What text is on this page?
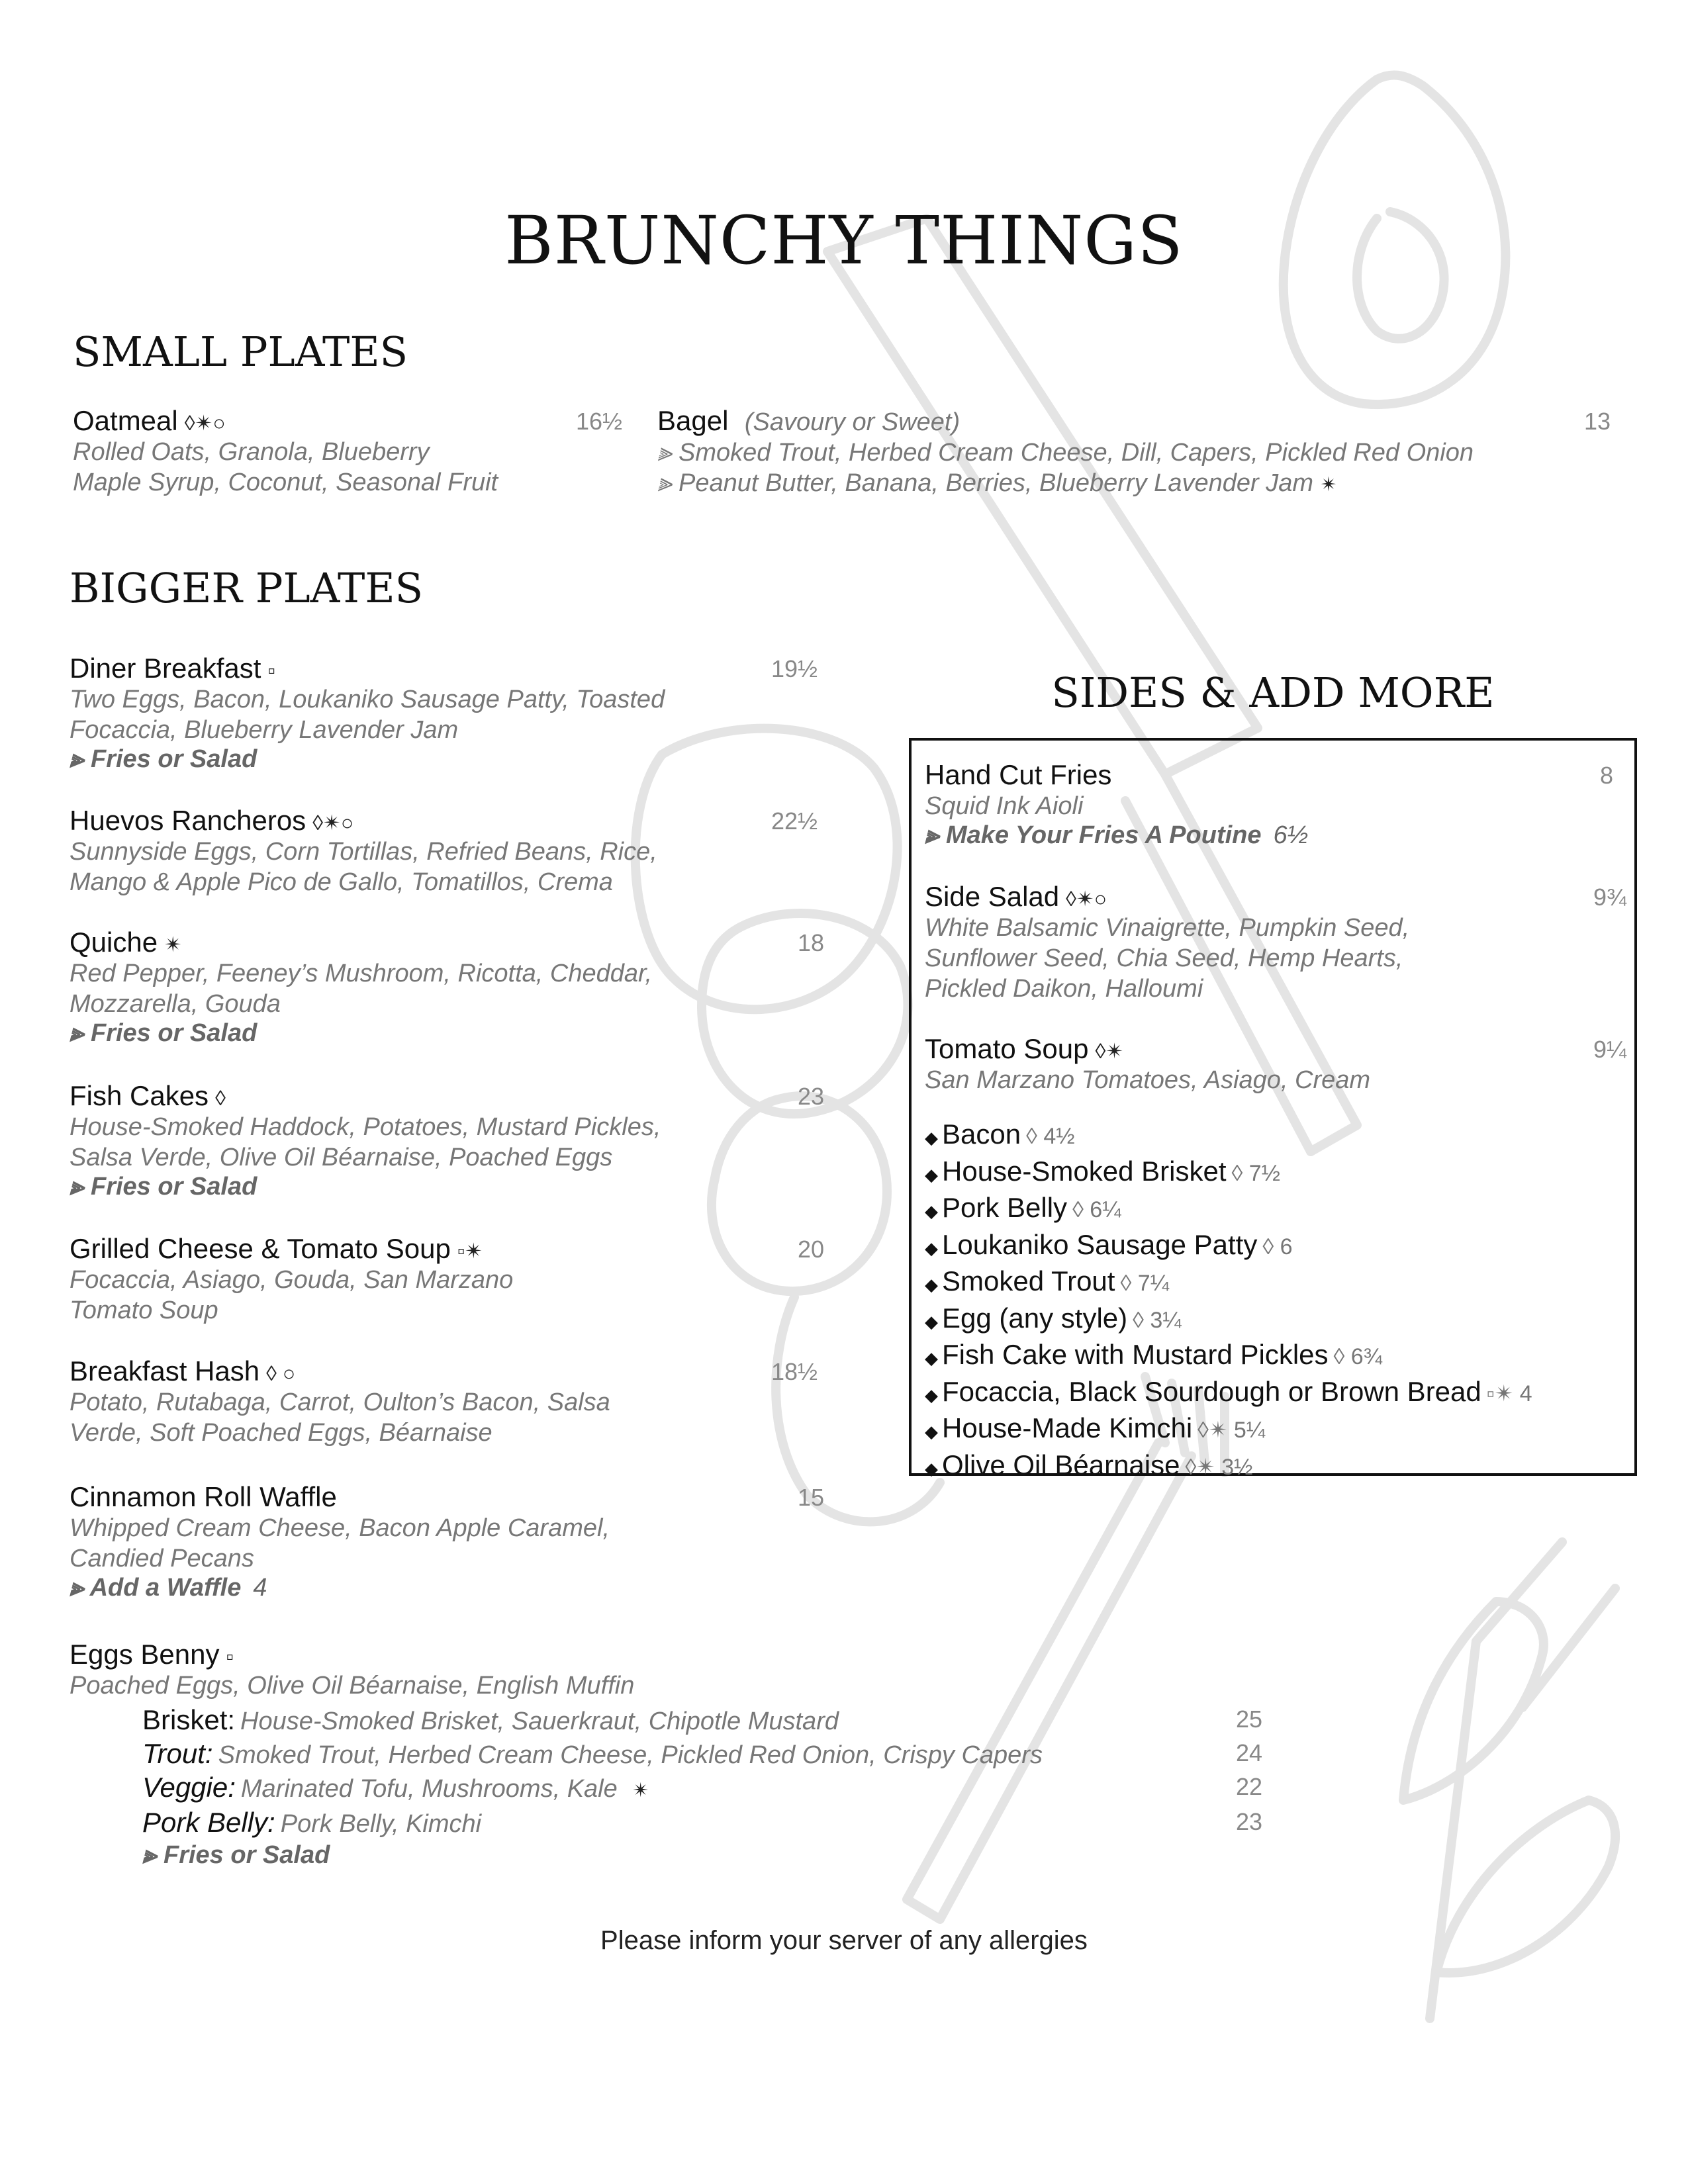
BRUNCHY THINGS
SMALL PLATES
Oatmeal ◊✴○	16½
Rolled Oats, Granola, Blueberry
Maple Syrup, Coconut, Seasonal Fruit
Bagel (Savoury or Sweet)	13
⫸ Smoked Trout, Herbed Cream Cheese, Dill, Capers, Pickled Red Onion
⫸ Peanut Butter, Banana, Berries, Blueberry Lavender Jam ✴
BIGGER PLATES
Diner Breakfast ▫	19½
Two Eggs, Bacon, Loukaniko Sausage Patty, Toasted
Focaccia, Blueberry Lavender Jam
⫸ Fries or Salad
Huevos Rancheros ◊✴○	22½
Sunnyside Eggs, Corn Tortillas, Refried Beans, Rice,
Mango & Apple Pico de Gallo, Tomatillos, Crema
Quiche ✴	18
Red Pepper, Feeney’s Mushroom, Ricotta, Cheddar,
Mozzarella, Gouda
⫸ Fries or Salad
Fish Cakes ◊	23
House-Smoked Haddock, Potatoes, Mustard Pickles,
Salsa Verde, Olive Oil Béarnaise, Poached Eggs
⫸ Fries or Salad
Grilled Cheese & Tomato Soup ▫✴	20
Focaccia, Asiago, Gouda, San Marzano
Tomato Soup
Breakfast Hash ◊ ○	18½
Potato, Rutabaga, Carrot, Oulton’s Bacon, Salsa
Verde, Soft Poached Eggs, Béarnaise
Cinnamon Roll Waffle	15
Whipped Cream Cheese, Bacon Apple Caramel,
Candied Pecans
⫸ Add a Waffle 4
Eggs Benny ▫
Poached Eggs, Olive Oil Béarnaise, English Muffin
Brisket: House-Smoked Brisket, Sauerkraut, Chipotle Mustard	25
Trout: Smoked Trout, Herbed Cream Cheese, Pickled Red Onion, Crispy Capers	24
Veggie: Marinated Tofu, Mushrooms, Kale ✴	22
Pork Belly: Pork Belly, Kimchi	23
⫸ Fries or Salad
SIDES & ADD MORE
Hand Cut Fries	8
Squid Ink Aioli
⫸ Make Your Fries A Poutine 6½
Side Salad ◊✴○	9¾
White Balsamic Vinaigrette, Pumpkin Seed,
Sunflower Seed, Chia Seed, Hemp Hearts,
Pickled Daikon, Halloumi
Tomato Soup ◊✴	9¼
San Marzano Tomatoes, Asiago, Cream
◆ Bacon ◊ 4½
◆ House-Smoked Brisket ◊ 7½
◆ Pork Belly ◊ 6¼
◆ Loukaniko Sausage Patty ◊ 6
◆ Smoked Trout ◊ 7¼
◆ Egg (any style) ◊ 3¼
◆ Fish Cake with Mustard Pickles ◊ 6¾
◆ Focaccia, Black Sourdough or Brown Bread ▫✴ 4
◆ House-Made Kimchi ◊✴ 5¼
◆ Olive Oil Béarnaise ◊✴ 3½
Please inform your server of any allergies
